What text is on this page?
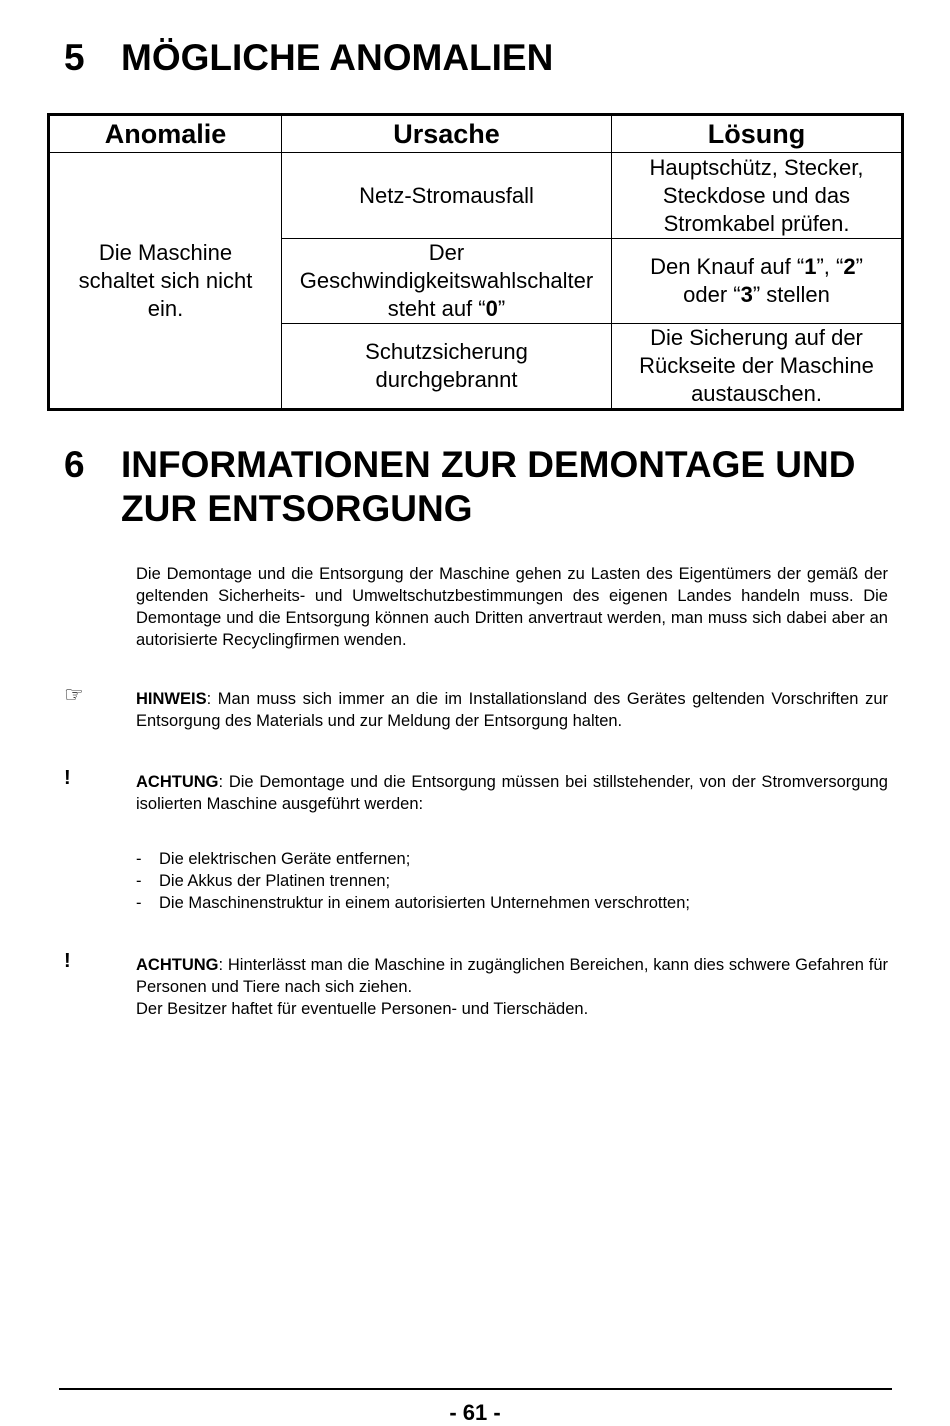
5 MÖGLICHE ANOMALIEN
Anomalie	Ursache	Lösung
Die Maschine schaltet sich nicht ein.	Netz-Stromausfall	Hauptschütz, Stecker, Steckdose und das Stromkabel prüfen.
	Der Geschwindigkeitswahlschalter steht auf “0”	Den Knauf auf “1”, “2” oder “3” stellen
	Schutzsicherung durchgebrannt	Die Sicherung auf der Rückseite der Maschine austauschen.
6 INFORMATIONEN ZUR DEMONTAGE UND
ZUR ENTSORGUNG

Die Demontage und die Entsorgung der Maschine gehen zu Lasten des Eigentümers der gemäß der geltenden Sicherheits- und Umweltschutzbestimmungen des eigenen Landes handeln muss. Die Demontage und die Entsorgung können auch Dritten anvertraut werden, man muss sich dabei aber an autorisierte Recyclingfirmen wenden.

☞	HINWEIS: Man muss sich immer an die im Installationsland des Gerätes geltenden Vorschriften zur Entsorgung des Materials und zur Meldung der Entsorgung halten.

!	ACHTUNG: Die Demontage und die Entsorgung müssen bei stillstehender, von der Stromversorgung isolierten Maschine ausgeführt werden:

- Die elektrischen Geräte entfernen;
- Die Akkus der Platinen trennen;
- Die Maschinenstruktur in einem autorisierten Unternehmen verschrotten;
!	ACHTUNG: Hinterlässt man die Maschine in zugänglichen Bereichen, kann dies schwere Gefahren für Personen und Tiere nach sich ziehen.

Der Besitzer haftet für eventuelle Personen- und Tierschäden.

- 61 -
